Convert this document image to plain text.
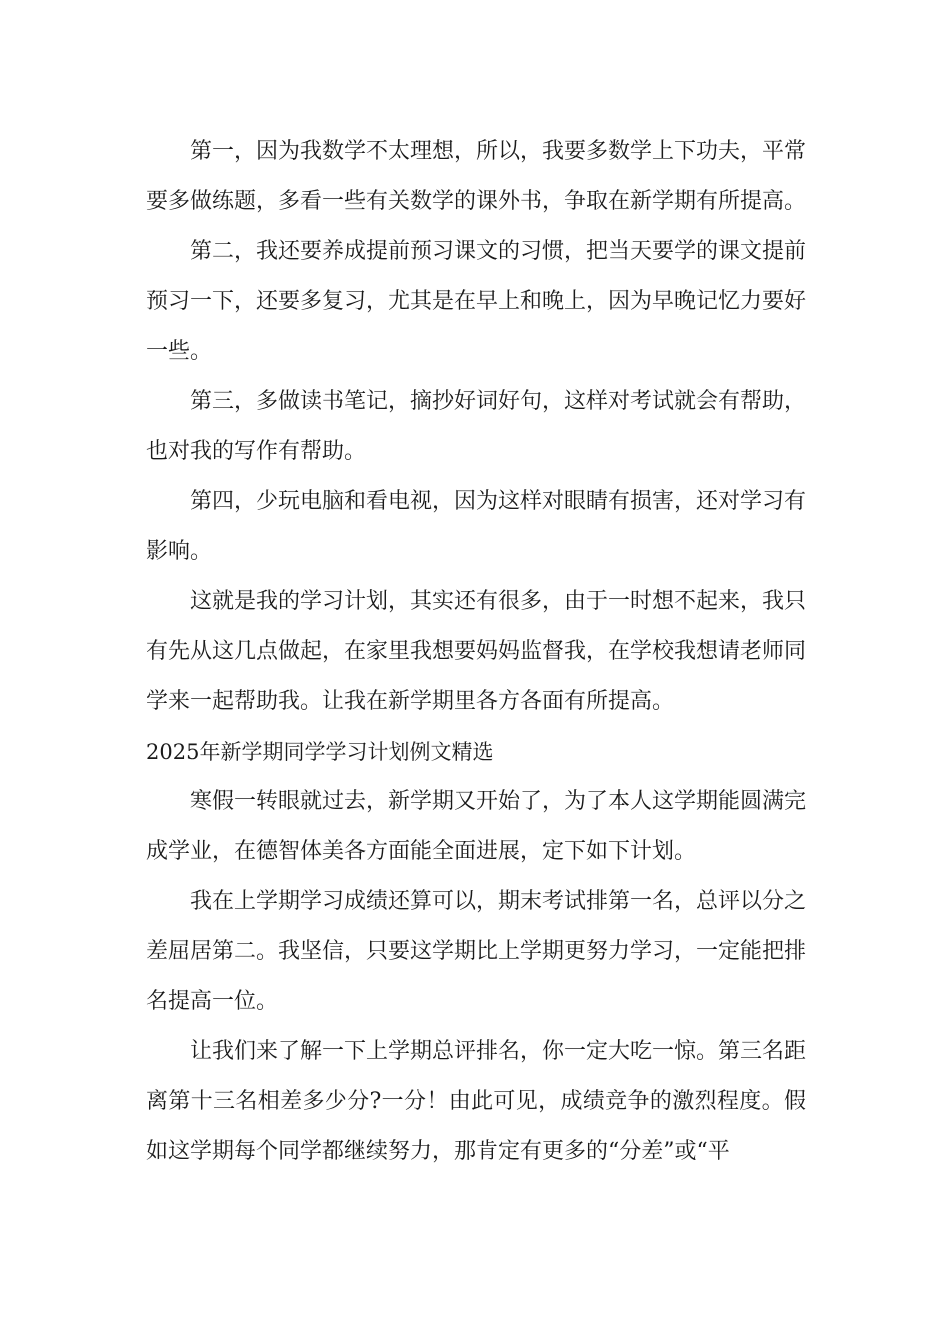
第一，因为我数学不太理想，所以，我要多数学上下功夫，平常要多做练题，多看一些有关数学的课外书，争取在新学期有所提高。

第二，我还要养成提前预习课文的习惯，把当天要学的课文提前预习一下，还要多复习，尤其是在早上和晚上，因为早晚记忆力要好一些。

第三，多做读书笔记，摘抄好词好句，这样对考试就会有帮助，也对我的写作有帮助。

第四，少玩电脑和看电视，因为这样对眼睛有损害，还对学习有影响。

这就是我的学习计划，其实还有很多，由于一时想不起来，我只有先从这几点做起，在家里我想要妈妈监督我，在学校我想请老师同学来一起帮助我。让我在新学期里各方各面有所提高。

2025年新学期同学学习计划例文精选

寒假一转眼就过去，新学期又开始了，为了本人这学期能圆满完成学业，在德智体美各方面能全面进展，定下如下计划。

我在上学期学习成绩还算可以，期末考试排第一名，总评以分之差屈居第二。我坚信，只要这学期比上学期更努力学习，一定能把排名提高一位。

让我们来了解一下上学期总评排名，你一定大吃一惊。第三名距离第十三名相差多少分?一分！由此可见，成绩竞争的激烈程度。假如这学期每个同学都继续努力，那肯定有更多的“分差”或“平
